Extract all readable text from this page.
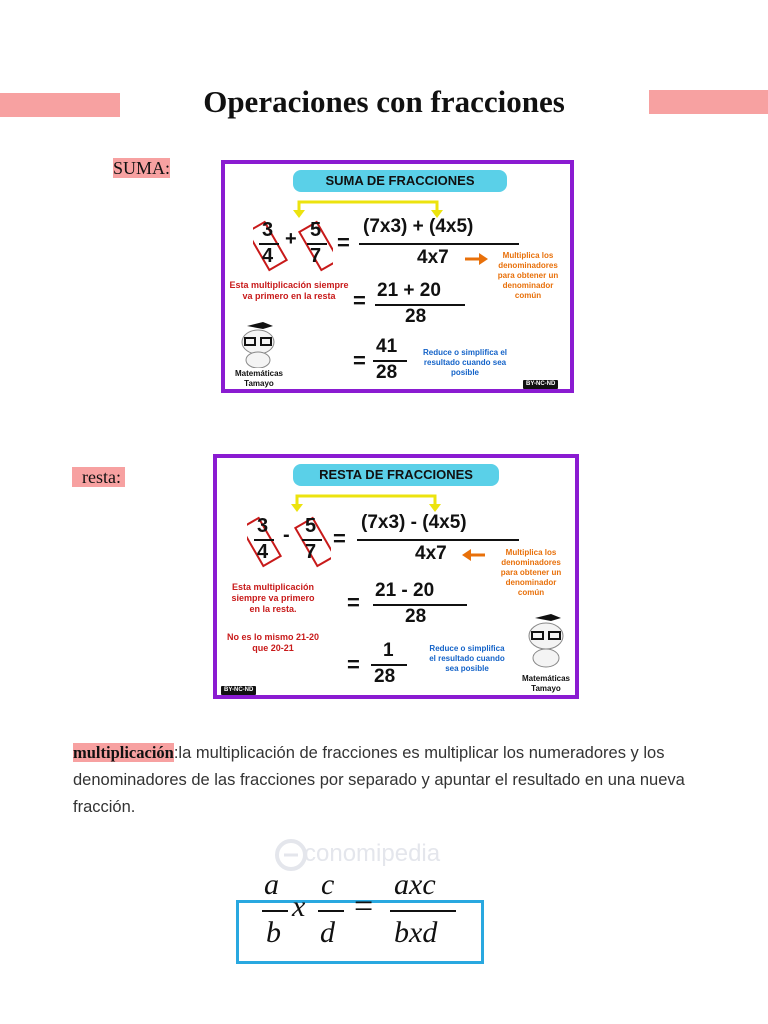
Operaciones con fracciones
SUMA:
SUMA DE FRACCIONES
3
4
+ 5
7
=
(7x3) + (4x5)
4x7	Multiplica los denominadores para obtener un denominador común
Esta multiplicación siempre va primero en la resta = 21 + 20
28
=
41
28
Reduce o simplifica el resultado cuando sea posible
Matemáticas Tamayo	BY-NC-ND
resta:	RESTA DE FRACCIONES
3
4
- 5
7
=
(7x3) - (4x5)
4x7	Multiplica los denominadores para obtener un denominador común
Esta multiplicación siempre va primero en la resta.
No es lo mismo 21-20 que 20-21
= 21 - 20
28
=
1
28
Reduce o simplifica el resultado cuando sea posible
Matemáticas Tamayo
BY-NC-ND
multiplicación:la multiplicación de fracciones es multiplicar los numeradores y los denominadores de las fracciones por separado y apuntar el resultado en una nueva fracción.
conomipedia
a
b
x
c
d
=
axc
bxd
